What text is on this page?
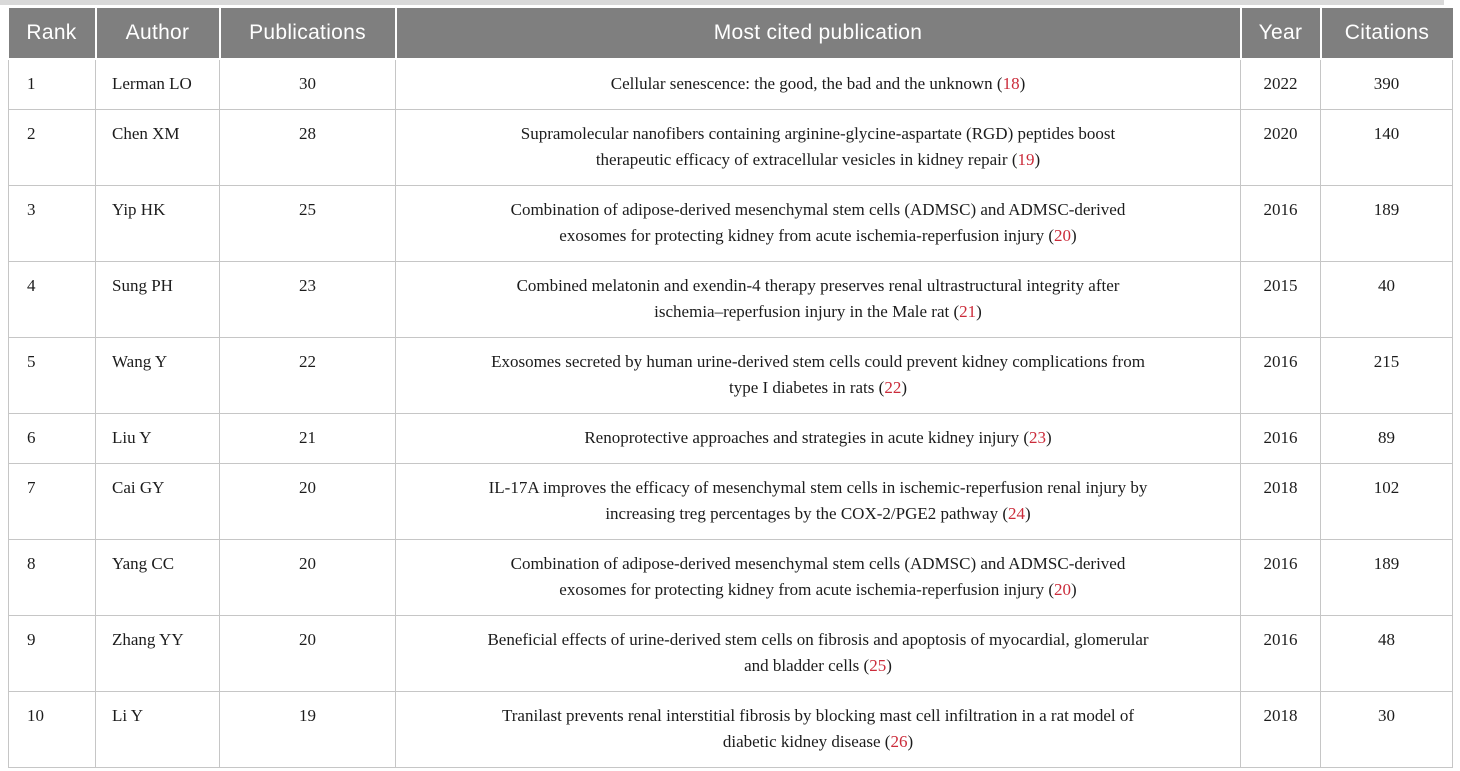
Rank	Author	Publications	Most cited publication	Year	Citations
1	Lerman LO	30	Cellular senescence: the good, the bad and the unknown (18)	2022	390
2	Chen XM	28	Supramolecular nanofibers containing arginine-glycine-aspartate (RGD) peptides boost
therapeutic efficacy of extracellular vesicles in kidney repair (19)	2020	140
3	Yip HK	25	Combination of adipose-derived mesenchymal stem cells (ADMSC) and ADMSC-derived
exosomes for protecting kidney from acute ischemia-reperfusion injury (20)	2016	189
4	Sung PH	23	Combined melatonin and exendin-4 therapy preserves renal ultrastructural integrity after
ischemia–reperfusion injury in the Male rat (21)	2015	40
5	Wang Y	22	Exosomes secreted by human urine-derived stem cells could prevent kidney complications from
type I diabetes in rats (22)	2016	215
6	Liu Y	21	Renoprotective approaches and strategies in acute kidney injury (23)	2016	89
7	Cai GY	20	IL-17A improves the efficacy of mesenchymal stem cells in ischemic-reperfusion renal injury by
increasing treg percentages by the COX-2/PGE2 pathway (24)	2018	102
8	Yang CC	20	Combination of adipose-derived mesenchymal stem cells (ADMSC) and ADMSC-derived
exosomes for protecting kidney from acute ischemia-reperfusion injury (20)	2016	189
9	Zhang YY	20	Beneficial effects of urine-derived stem cells on fibrosis and apoptosis of myocardial, glomerular
and bladder cells (25)	2016	48
10	Li Y	19	Tranilast prevents renal interstitial fibrosis by blocking mast cell infiltration in a rat model of
diabetic kidney disease (26)	2018	30
